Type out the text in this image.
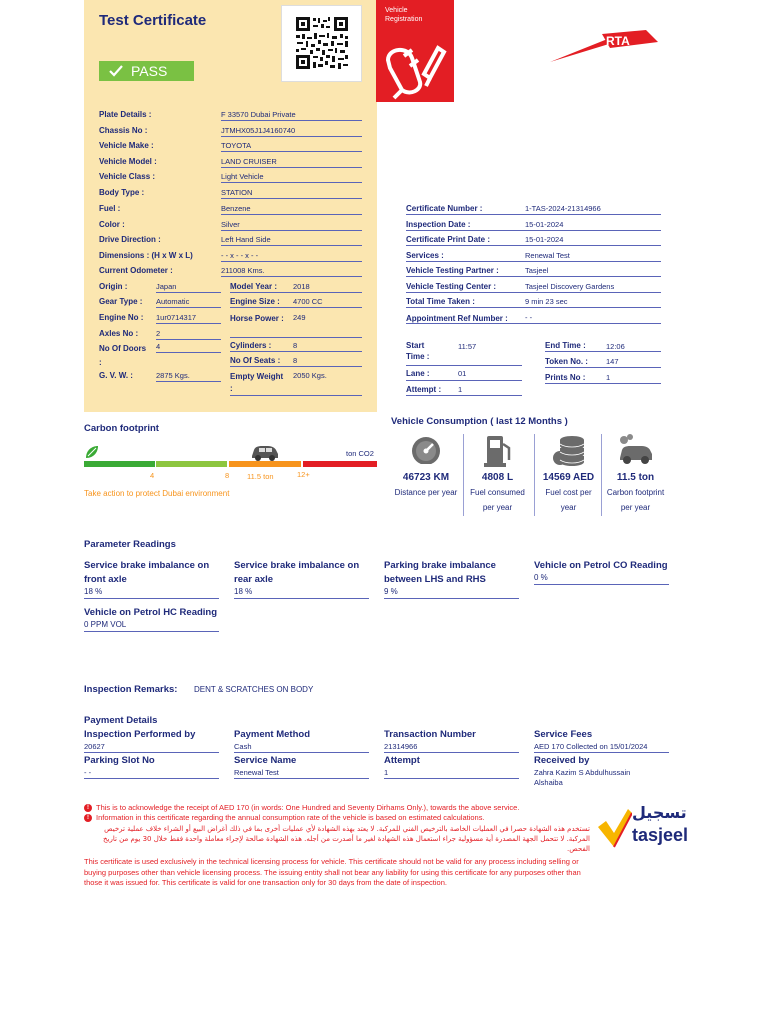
Test Certificate
PASS
Vehicle Registration
RTA
Plate Details :	F 33570 Dubai Private
Chassis No :	JTMHX05J1J4160740
Vehicle Make :	TOYOTA
Vehicle Model :	LAND CRUISER
Vehicle Class :	Light Vehicle
Body Type :	STATION
Fuel :	Benzene
Color :	Silver
Drive Direction :	Left Hand Side
Dimensions : (H x W x L)	- - x - - x - -
Current Odometer :	211008 Kms.
Origin :	Japan
Gear Type : Automatic
Engine No : 1ur0714317
Axles No : 2
No Of Doors :
4
G. V. W. :	2875 Kgs.
Model Year : 2018
Engine Size : 4700 CC
Horse Power : 249
Cylinders :	8
No Of Seats : 8
Empty Weight :
2050 Kgs.
Certificate Number :	1-TAS-2024-21314966
Inspection Date :	15-01-2024
Certificate Print Date :	15-01-2024
Services :	Renewal Test
Vehicle Testing Partner :	Tasjeel
Vehicle Testing Center :	Tasjeel Discovery Gardens
Total Time Taken :	9 min 23 sec
Appointment Ref Number :	- -
Start
Time :
11:57	End Time :	12:06
Token No. : 147
Lane :	01	Prints No :	1
Attempt : 1
Carbon footprint
4	8 11.5 ton	12+
ton CO2
Take action to protect Dubai environment
Vehicle Consumption ( last 12 Months )
46723 KM
Distance per year
4808 L
Fuel consumed per year
14569 AED
Fuel cost per year
11.5 ton
Carbon footprint per year
Parameter Readings
Service brake imbalance on front axle
18 %
Service brake imbalance on rear axle
18 %
Parking brake imbalance between LHS and RHS
9 %
Vehicle on Petrol CO Reading
0 %
Vehicle on Petrol HC Reading
0 PPM VOL
Inspection Remarks: DENT & SCRATCHES ON BODY
Payment Details
Inspection Performed by
20627
Payment Method
Cash
Transaction Number
21314966
Service Fees
AED 170 Collected on 15/01/2024
Parking Slot No
- -
Service Name
Renewal Test
Attempt
1
Received by
Zahra Kazim S Abdulhussain Alshaiba
! This is to acknowledge the receipt of AED 170 (in words: One Hundred and Seventy Dirhams Only.), towards the above service.
! Information in this certificate regarding the annual consumption rate of the vehicle is based on estimated calculations.
تستخدم هذه الشهادة حصرا في العمليات الخاصة بالترخيص الفني للمركبة. لا يعتد بهذه الشهادة لأي عمليات أخرى بما في ذلك أغراض البيع أو الشراء خلاف عملية ترخيص المركبة. لا تتحمل الجهة المصدرة أية مسؤولية جراء استعمال هذه الشهادة لغير ما أصدرت من أجله. هذه الشهادة صالحة لإجراء معاملة واحدة فقط خلال 30 يوم من تاريخ الفحص.
This certificate is used exclusively in the technical licensing process for vehicle. This certificate should not be valid for any process including selling or buying purposes other than vehicle licensing process. The issuing entity shall not bear any liability for using this certificate for any purposes other than those it was issued for. This certificate is valid for one transaction only for 30 days from the date of inspection.
تسجيل
tasjeel
